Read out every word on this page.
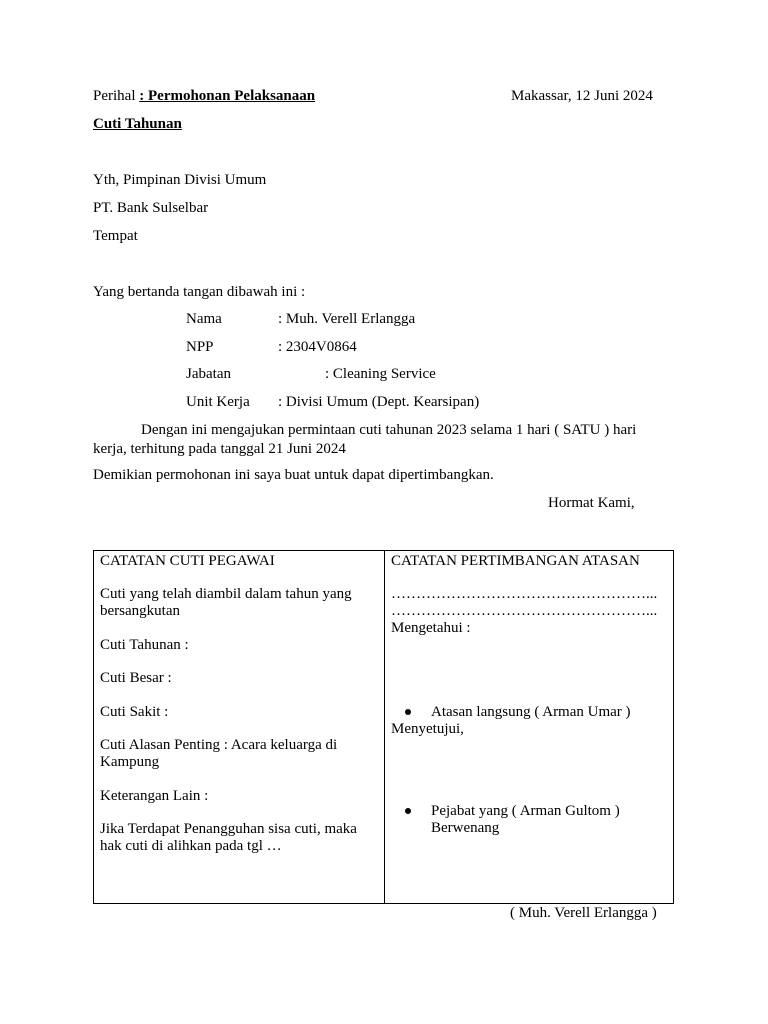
Perihal : Permohonan Pelaksanaan	Makassar, 12 Juni 2024
Cuti Tahunan
Yth, Pimpinan Divisi Umum
PT. Bank Sulselbar
Tempat
Yang bertanda tangan dibawah ini :
Nama	: Muh. Verell Erlangga
NPP	: 2304V0864
Jabatan	: Cleaning Service
Unit Kerja : Divisi Umum (Dept. Kearsipan)
Dengan ini mengajukan permintaan cuti tahunan 2023 selama 1 hari ( SATU ) hari kerja, terhitung pada tanggal 21 Juni 2024
Demikian permohonan ini saya buat untuk dapat dipertimbangkan.
Hormat Kami,
CATATAN CUTI PEGAWAI
Cuti yang telah diambil dalam tahun yang bersangkutan
Cuti Tahunan :
Cuti Besar :
Cuti Sakit :
Cuti Alasan Penting : Acara keluarga di Kampung
Keterangan Lain :
Jika Terdapat Penangguhan sisa cuti, maka hak cuti di alihkan pada tgl …
CATATAN PERTIMBANGAN ATASAN
……………………………………………...
……………………………………………...
Mengetahui :
Atasan langsung ( Arman Umar )
Menyetujui,
Pejabat yang ( Arman Gultom )
Berwenang
( Muh. Verell Erlangga )
